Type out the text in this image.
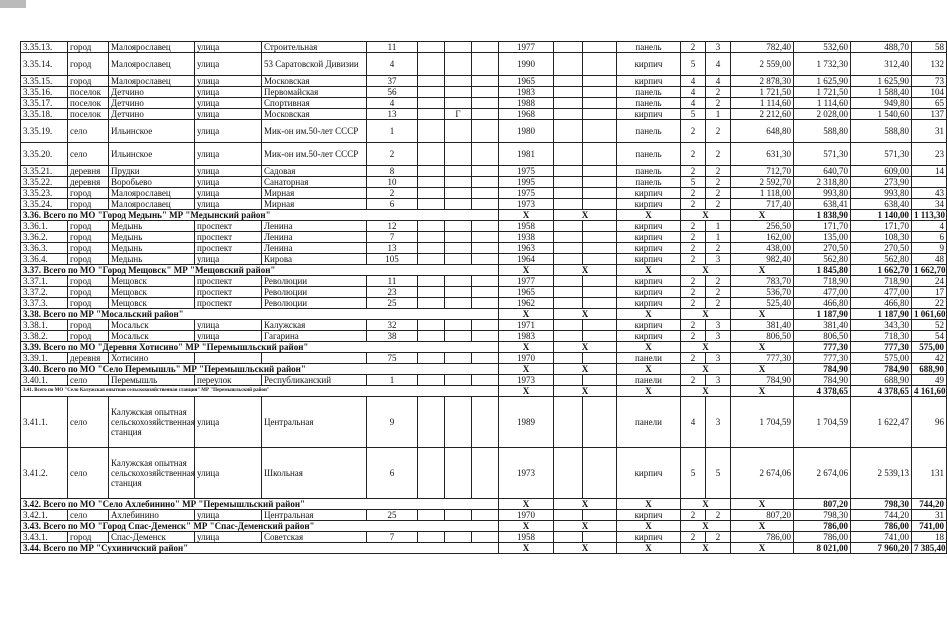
3.35.13.	город	Малоярославец	улица	Строительная	11				1977			панель	2	3	782,40	532,60	488,70	58	
3.35.14.	город	Малоярославец	улица	53 Саратовской Дивизии	4				1990			кирпич	5	4	2 559,00	1 732,30	312,40	132	
3.35.15.	город	Малоярославец	улица	Московская	37				1965			кирпич	4	4	2 878,30	1 625,90	1 625,90	73	
3.35.16.	поселок	Детчино	улица	Первомайская	56				1983			панель	4	2	1 721,50	1 721,50	1 588,40	104	
3.35.17.	поселок	Детчино	улица	Спортивная	4				1988			панель	4	2	1 114,60	1 114,60	949,80	65	
3.35.18.	поселок	Детчино	улица	Московская	13		Г		1968			кирпич	5	1	2 212,60	2 028,00	1 540,60	137	
3.35.19.	село	Ильинское	улица	Мик-он им.50-лет СССР	1				1980			панель	2	2	648,80	588,80	588,80	31	
3.35.20.	село	Ильинское	улица	Мик-он им.50-лет СССР	2				1981			панель	2	2	631,30	571,30	571,30	23	
3.35.21.	деревня	Прудки	улица	Садовая	8				1975			панель	2	2	712,70	640,70	609,00	14	
3.35.22.	деревня	Воробьево	улица	Санаторная	10				1995			панель	5	2	2 592,70	2 318,80	273,90		
3.35.23.	город	Малоярославец	улица	Мирная	2				1975			кирпич	2	2	1 118,00	993,80	993,80	43	
3.35.24.	город	Малоярославец	улица	Мирная	6				1973			кирпич	2	2	717,40	638,41	638,40	34	
3.36. Всего по МО "Город Медынь" МР "Медынский район"									X	X		X	X		X	1 838,90	1 140,00	1 113,30	
3.36.1.	город	Медынь	проспект	Ленина	12				1958			кирпич	2	1	256,50	171,70	171,70	4	
3.36.2.	город	Медынь	проспект	Ленина	7				1938			кирпич	2	1	162,00	135,00	108,30	6	
3.36.3.	город	Медынь	проспект	Ленина	13				1963			кирпич	2	2	438,00	270,50	270,50	9	
3.36.4.	город	Медынь	улица	Кирова	105				1964			кирпич	2	3	982,40	562,80	562,80	48	
3.37. Всего по МО "Город Мещовск" МР "Мещовский район"									X	X		X	X		X	1 845,80	1 662,70	1 662,70	
3.37.1.	город	Мещовск	проспект	Революции	11				1977			кирпич	2	2	783,70	718,90	718,90	24	
3.37.2.	город	Мещовск	проспект	Революции	23				1965			кирпич	2	2	536,70	477,00	477,00	17	
3.37.3.	город	Мещовск	проспект	Революции	25				1962			кирпич	2	2	525,40	466,80	466,80	22	
3.38. Всего по МР "Мосальский район"									X	X		X	X		X	1 187,90	1 187,90	1 061,60	
3.38.1.	город	Мосальск	улица	Калужская	32				1971			кирпич	2	3	381,40	381,40	343,30	52	
3.38.2.	город	Мосальск	улица	Гагарина	38				1983			кирпич	2	3	806,50	806,50	718,30	54	
3.39. Всего по МО "Деревня Хотисино" МР "Перемышльский район"									X	X		X	X		X	777,30	777,30	575,00	
3.39.1.	деревня	Хотисино			75				1970			панели	2	3	777,30	777,30	575,00	42	
3.40. Всего по МО "Село Перемышль" МР "Перемышльский район"									X	X		X	X		X	784,90	784,90	688,90	
3.40.1.	село	Перемышль	переулок	Республиканский	1				1973			панели	2	3	784,90	784,90	688,90	49	
3.41. Всего по МО "Село Калужская опытная сельскохозяйственная станция" МР "Перемышльский район"									X	X		X	X		X	4 378,65	4 378,65	4 161,60	
3.41.1.	село	Калужская опытная сельскохозяйственная станция	улица	Центральная	9				1989			панели	4	3	1 704,59	1 704,59	1 622,47	96	
3.41.2.	село	Калужская опытная сельскохозяйственная станция	улица	Школьная	6				1973			кирпич	5	5	2 674,06	2 674,06	2 539,13	131	
3.42. Всего по МО "Село Ахлебинино" МР "Перемышльский район"									X	X		X	X		X	807,20	798,30	744,20	
3.42.1.	село	Ахлебинино	улица	Центральная	25				1970			кирпич	2	2	807,20	798,30	744,20	31	
3.43. Всего по МО "Город Спас-Деменск" МР "Спас-Деменский район"									X	X		X	X		X	786,00	786,00	741,00	
3.43.1.	город	Спас-Деменск	улица	Советская	7				1958			кирпич	2	2	786,00	786,00	741,00	18	
3.44. Всего по МР "Сухиничский район"									X	X		X	X		X	8 021,00	7 960,20	7 385,40	
